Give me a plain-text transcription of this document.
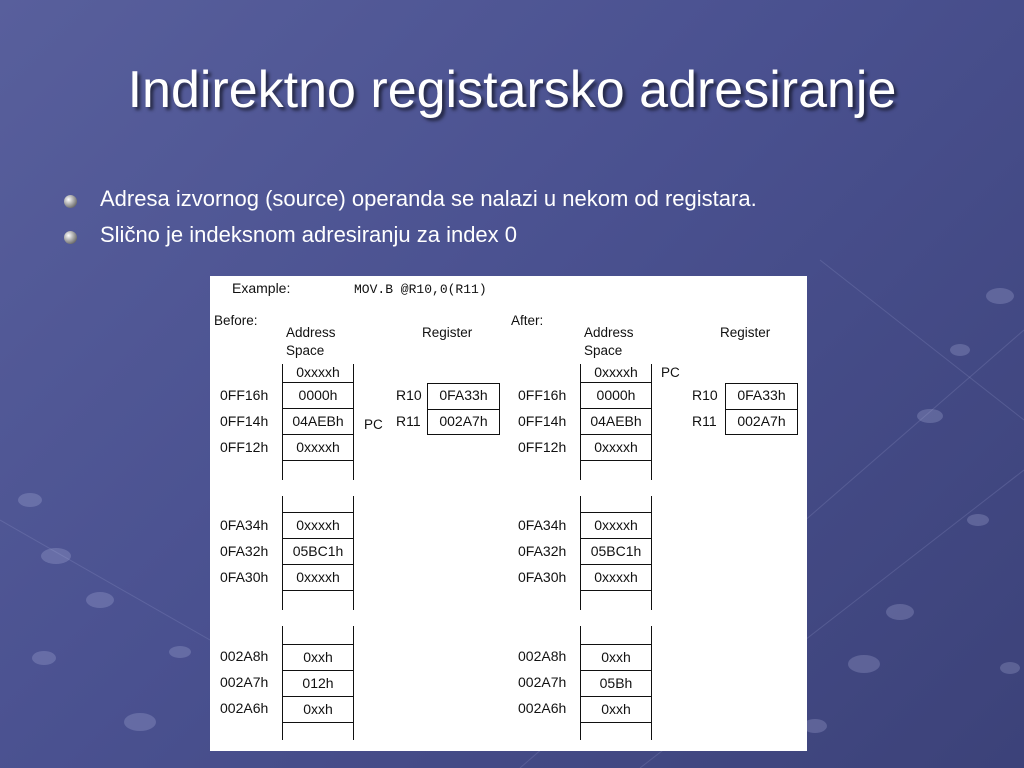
Indirektno registarsko adresiranje
Adresa izvornog (source) operanda se nalazi u nekom od registara.
Slično je indeksnom adresiranju za index 0
Example:	MOV.B @R10,0(R11)
Before:
Address
Space
Register
PC
0xxxxh
0FF16h	0000h
0FF14h	04AEBh
0FF12h	0xxxxh
0FA34h	0xxxxh
0FA32h	05BC1h
0FA30h	0xxxxh
002A8h	0xxh
002A7h	012h
002A6h	0xxh
R10	0FA33h
R11	002A7h
After:
Address
Space
Register
PC
0xxxxh
0FF16h	0000h
0FF14h	04AEBh
0FF12h	0xxxxh
0FA34h	0xxxxh
0FA32h	05BC1h
0FA30h	0xxxxh
002A8h	0xxh
002A7h	05Bh
002A6h	0xxh
R10	0FA33h
R11	002A7h
